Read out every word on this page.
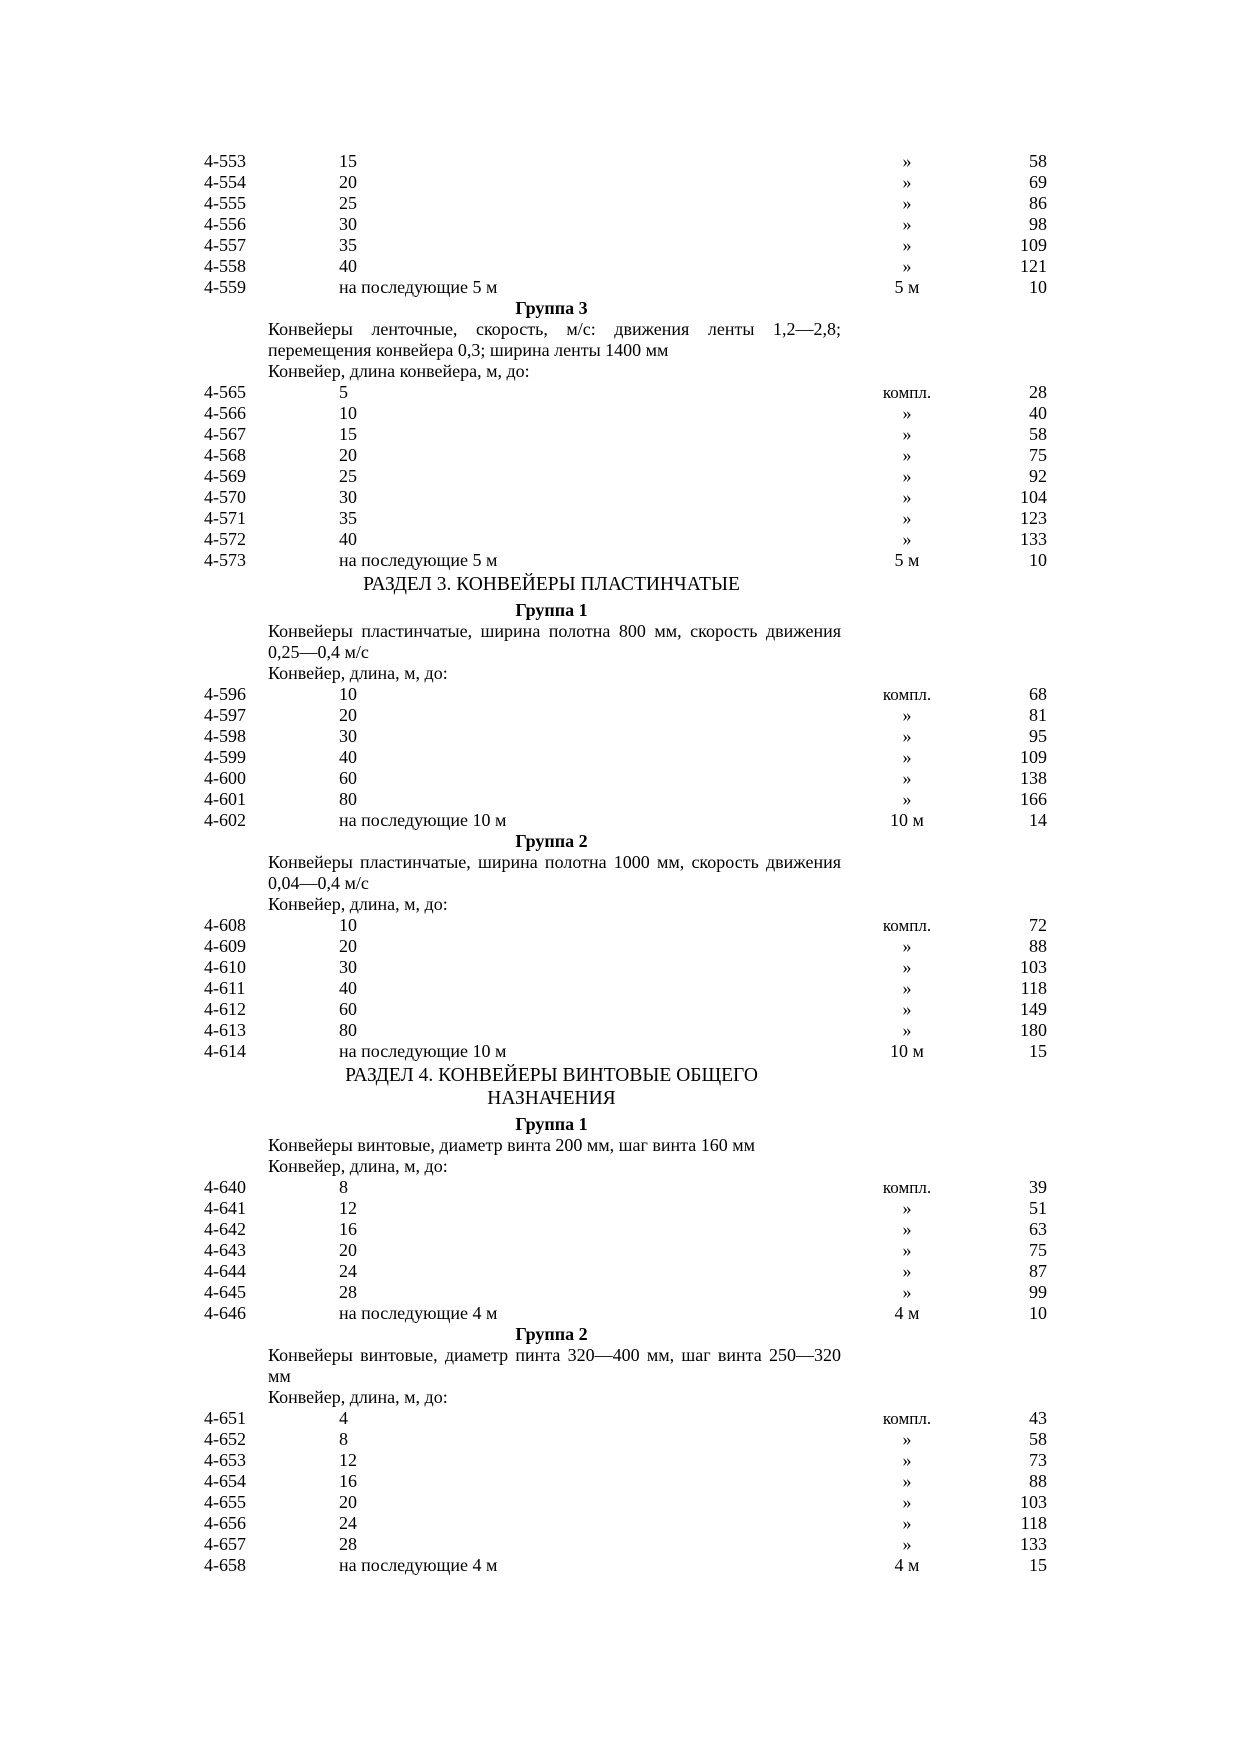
4-553	15	»	58
4-554	20	»	69
4-555	25	»	86
4-556	30	»	98
4-557	35	»	109
4-558	40	»	121
4-559	на последующие 5 м	5 м	10
Группа 3
Конвейеры ленточные, скорость, м/с: движения ленты 1,2—2,8; перемещения конвейера 0,3; ширина ленты 1400 мм
Конвейер, длина конвейера, м, до:
4-565	5	компл.	28
4-566	10	»	40
4-567	15	»	58
4-568	20	»	75
4-569	25	»	92
4-570	30	»	104
4-571	35	»	123
4-572	40	»	133
4-573	на последующие 5 м	5 м	10
РАЗДЕЛ 3. КОНВЕЙЕРЫ ПЛАСТИНЧАТЫЕ
Группа 1
Конвейеры пластинчатые, ширина полотна 800 мм, скорость движения 0,25—0,4 м/с
Конвейер, длина, м, до:
4-596	10	компл.	68
4-597	20	»	81
4-598	30	»	95
4-599	40	»	109
4-600	60	»	138
4-601	80	»	166
4-602	на последующие 10 м	10 м	14
Группа 2
Конвейеры пластинчатые, ширина полотна 1000 мм, скорость движения 0,04—0,4 м/с
Конвейер, длина, м, до:
4-608	10	компл.	72
4-609	20	»	88
4-610	30	»	103
4-611	40	»	118
4-612	60	»	149
4-613	80	»	180
4-614	на последующие 10 м	10 м	15
РАЗДЕЛ 4. КОНВЕЙЕРЫ ВИНТОВЫЕ ОБЩЕГО
НАЗНАЧЕНИЯ
Группа 1
Конвейеры винтовые, диаметр винта 200 мм, шаг винта 160 мм
Конвейер, длина, м, до:
4-640	8	компл.	39
4-641	12	»	51
4-642	16	»	63
4-643	20	»	75
4-644	24	»	87
4-645	28	»	99
4-646	на последующие 4 м	4 м	10
Группа 2
Конвейеры винтовые, диаметр пинта 320—400 мм, шаг винта 250—320 мм
Конвейер, длина, м, до:
4-651	4	компл.	43
4-652	8	»	58
4-653	12	»	73
4-654	16	»	88
4-655	20	»	103
4-656	24	»	118
4-657	28	»	133
4-658	на последующие 4 м	4 м	15
